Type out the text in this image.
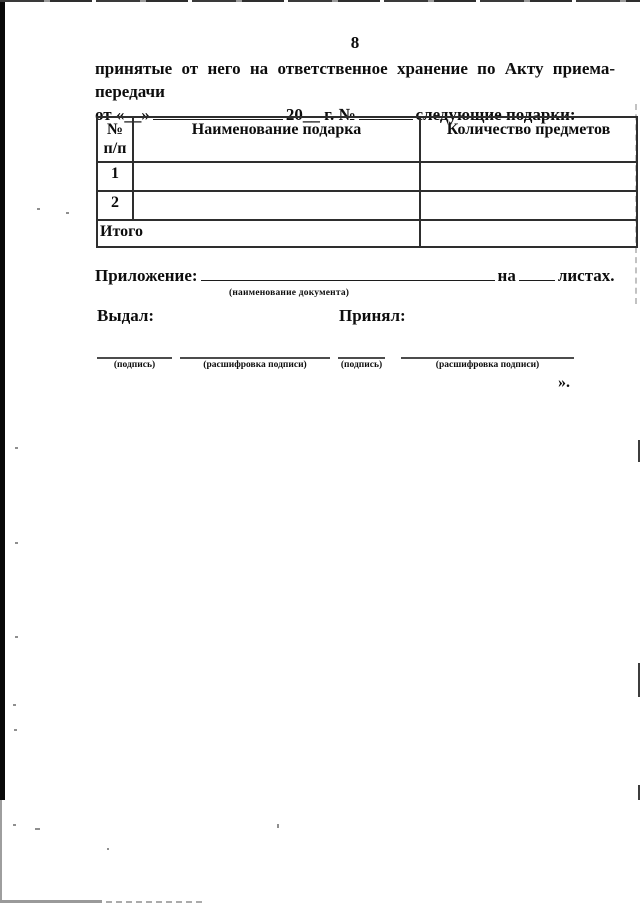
8
принятые от него на ответственное хранение по Акту приема-передачи
от «__»	20__ г. №	следующие подарки:
№
п/п	Наименование подарка	Количество предметов
1		
2		
Итого		
Приложение:	на листах.
(наименование документа)
Выдал:	Принял:
(подпись)	(расшифровка подписи)	(подпись)	(расшифровка подписи)
».
